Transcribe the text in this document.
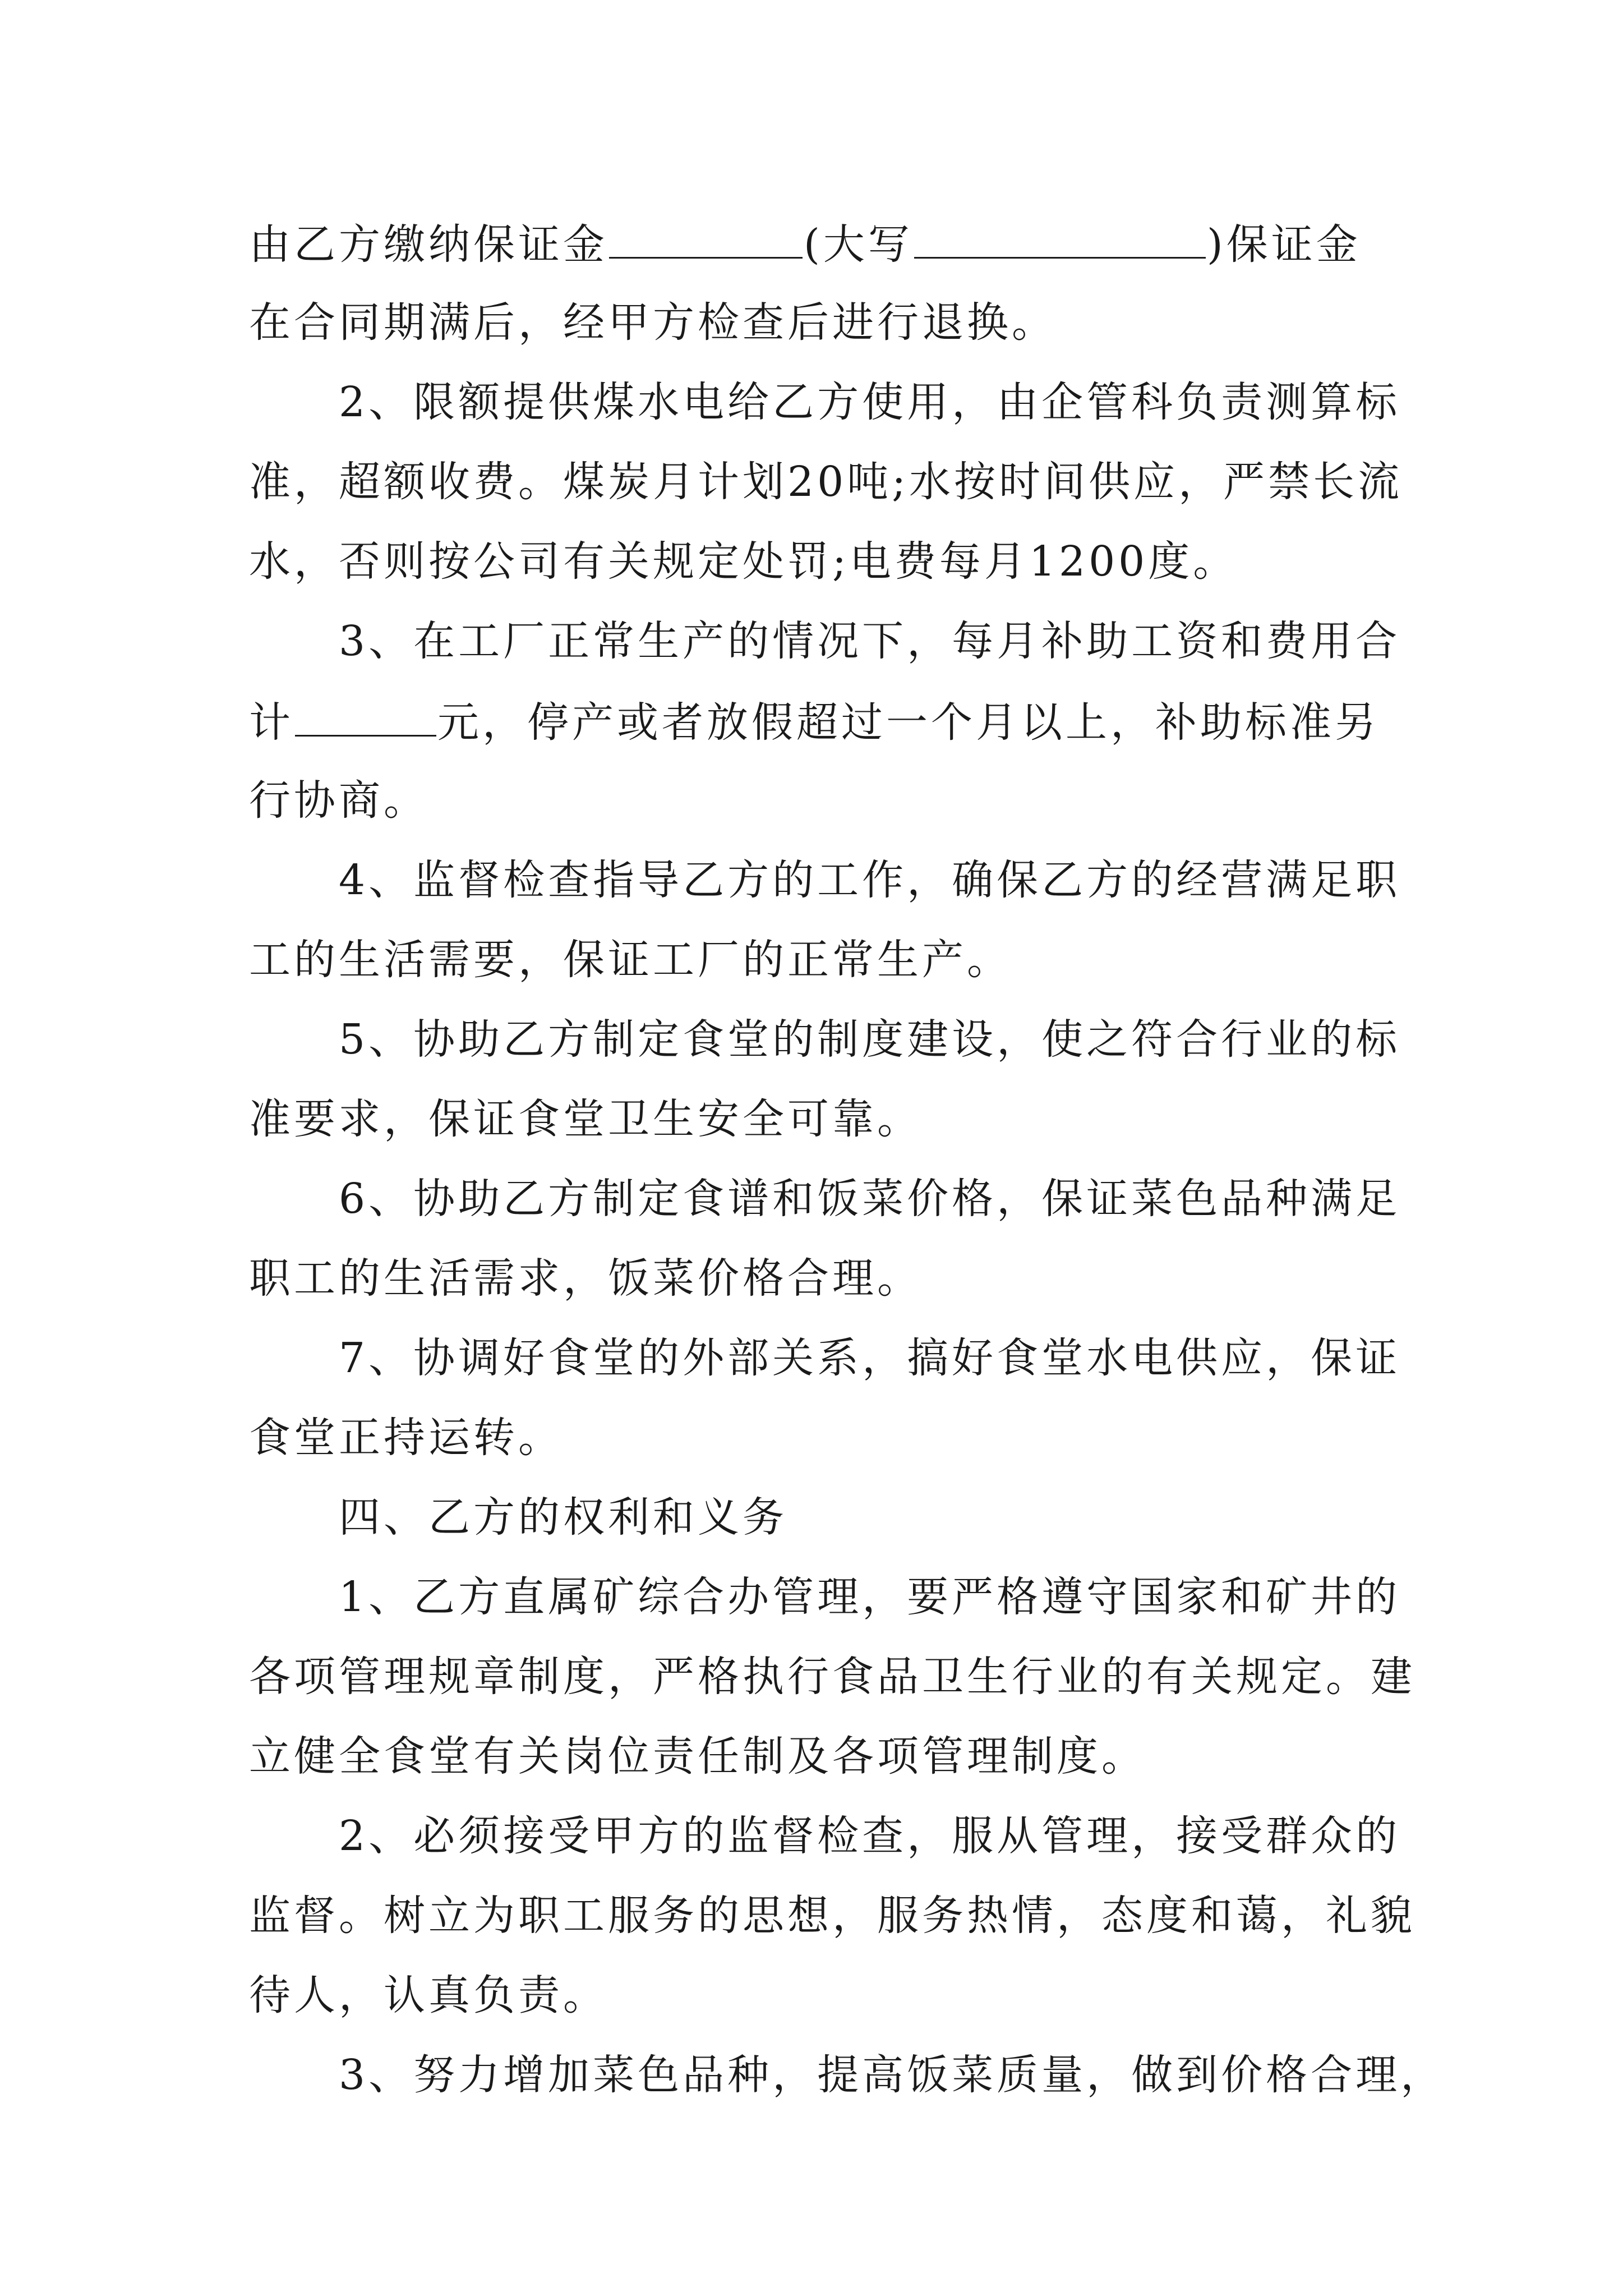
由乙方缴纳保证金	(大写	)保证金
在合同期满后，经甲方检查后进行退换。
　　2、限额提供煤水电给乙方使用，由企管科负责测算标
准，超额收费。煤炭月计划20吨;水按时间供应，严禁长流
水，否则按公司有关规定处罚;电费每月1200度。
　　3、在工厂正常生产的情况下，每月补助工资和费用合
计	元，停产或者放假超过一个月以上，补助标准另
行协商。
　　4、监督检查指导乙方的工作，确保乙方的经营满足职
工的生活需要，保证工厂的正常生产。
　　5、协助乙方制定食堂的制度建设，使之符合行业的标
准要求，保证食堂卫生安全可靠。
　　6、协助乙方制定食谱和饭菜价格，保证菜色品种满足
职工的生活需求，饭菜价格合理。
　　7、协调好食堂的外部关系，搞好食堂水电供应，保证
食堂正持运转。
　　四、乙方的权利和义务
　　1、乙方直属矿综合办管理，要严格遵守国家和矿井的
各项管理规章制度，严格执行食品卫生行业的有关规定。建
立健全食堂有关岗位责任制及各项管理制度。
　　2、必须接受甲方的监督检查，服从管理，接受群众的
监督。树立为职工服务的思想，服务热情，态度和蔼，礼貌
待人，认真负责。
　　3、努力增加菜色品种，提高饭菜质量，做到价格合理，
